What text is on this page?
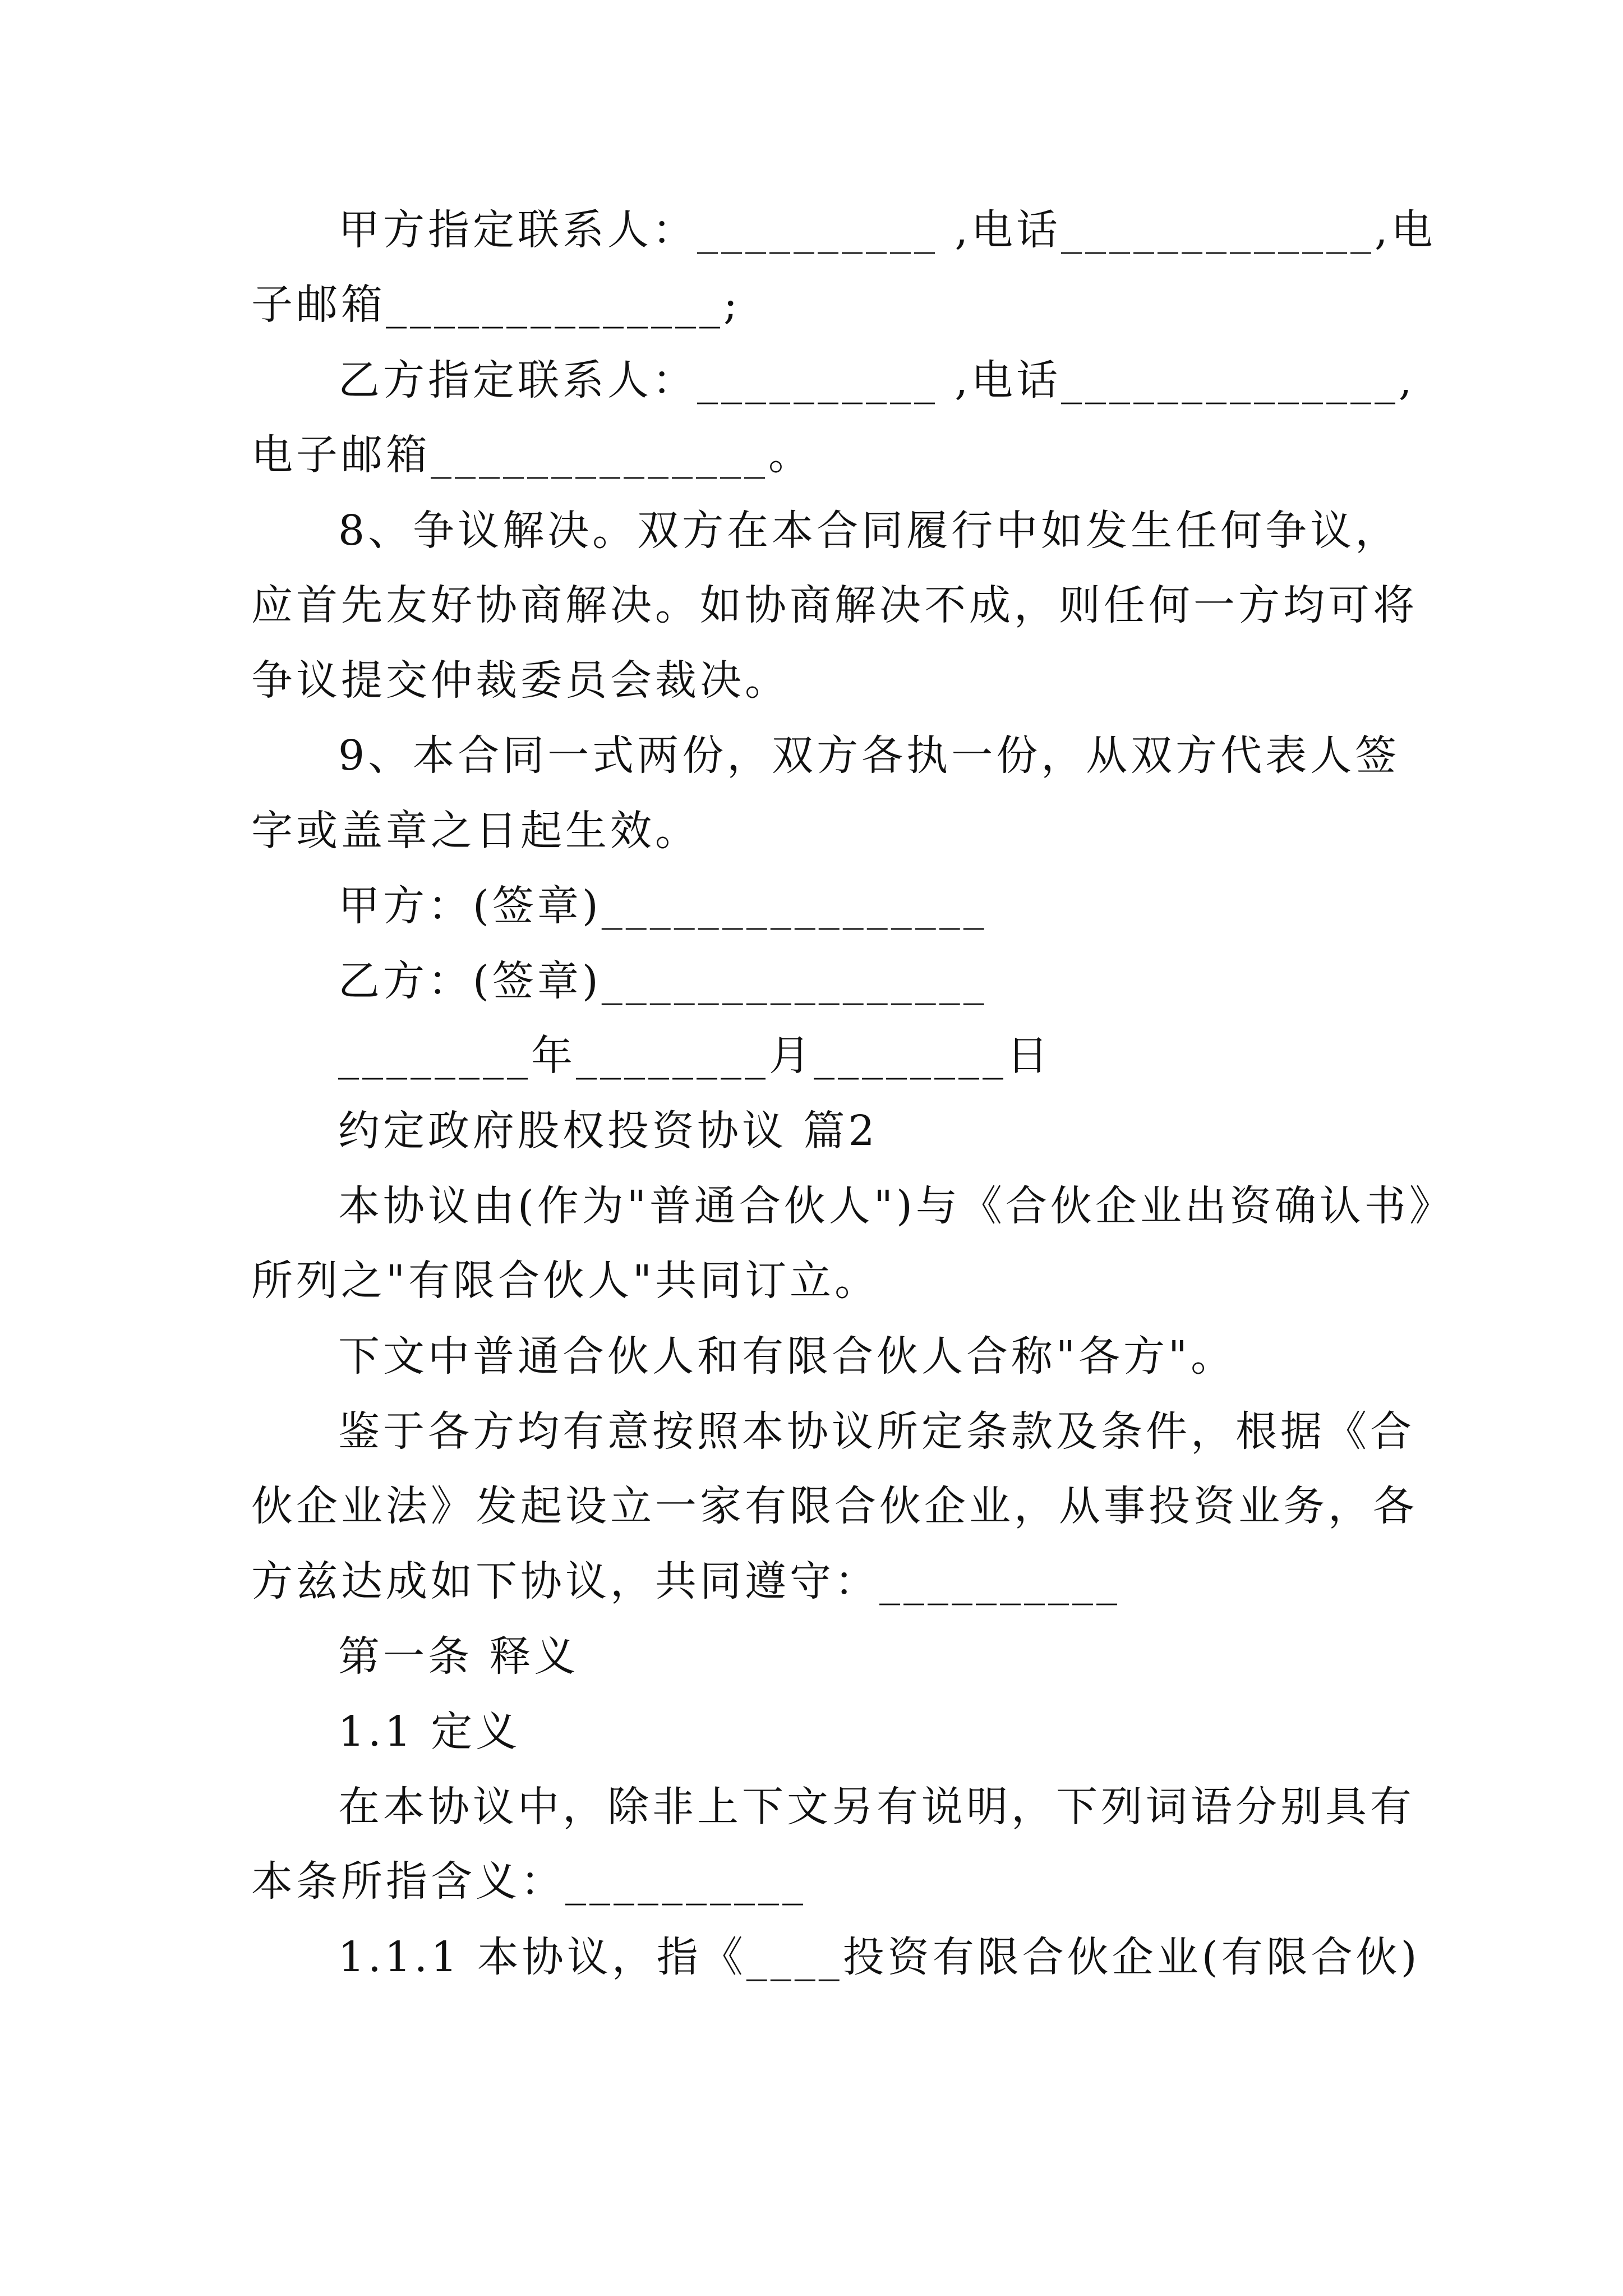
甲方指定联系人：__________ ,电话_____________,电
子邮箱______________;
乙方指定联系人：__________ ,电话______________,
电子邮箱______________。
8、争议解决。双方在本合同履行中如发生任何争议，
应首先友好协商解决。如协商解决不成，则任何一方均可将
争议提交仲裁委员会裁决。
9、本合同一式两份，双方各执一份，从双方代表人签
字或盖章之日起生效。
甲方：(签章)________________
乙方：(签章)________________
________年________月________日
约定政府股权投资协议 篇2
本协议由(作为"普通合伙人")与《合伙企业出资确认书》
所列之"有限合伙人"共同订立。
下文中普通合伙人和有限合伙人合称"各方"。
鉴于各方均有意按照本协议所定条款及条件，根据《合
伙企业法》发起设立一家有限合伙企业，从事投资业务，各
方兹达成如下协议，共同遵守：__________
第一条 释义
1.1 定义
在本协议中，除非上下文另有说明，下列词语分别具有
本条所指含义：__________
1.1.1 本协议，指《____投资有限合伙企业(有限合伙)
